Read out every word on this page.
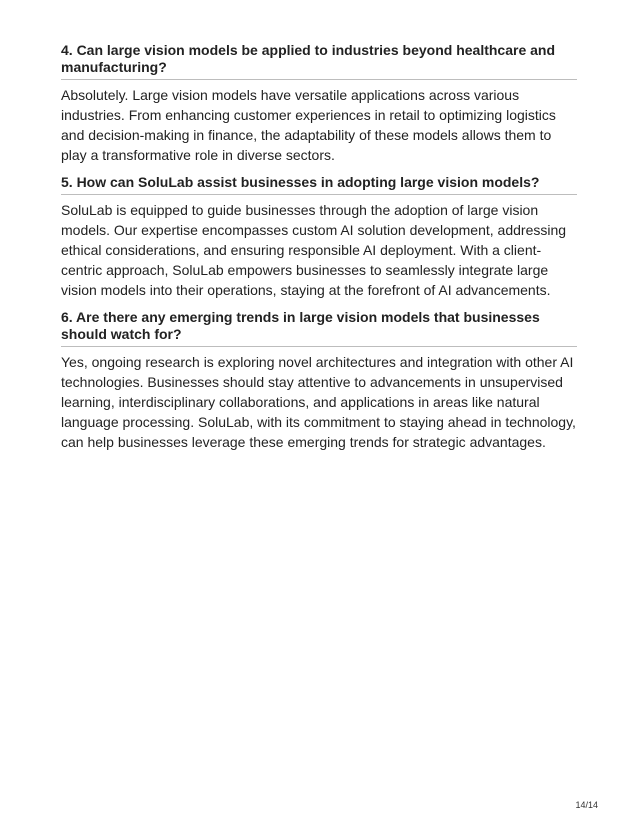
4. Can large vision models be applied to industries beyond healthcare and manufacturing?

Absolutely. Large vision models have versatile applications across various industries. From enhancing customer experiences in retail to optimizing logistics and decision-making in finance, the adaptability of these models allows them to play a transformative role in diverse sectors.

5. How can SoluLab assist businesses in adopting large vision models?

SoluLab is equipped to guide businesses through the adoption of large vision models. Our expertise encompasses custom AI solution development, addressing ethical considerations, and ensuring responsible AI deployment. With a client-centric approach, SoluLab empowers businesses to seamlessly integrate large vision models into their operations, staying at the forefront of AI advancements.

6. Are there any emerging trends in large vision models that businesses should watch for?

Yes, ongoing research is exploring novel architectures and integration with other AI technologies. Businesses should stay attentive to advancements in unsupervised learning, interdisciplinary collaborations, and applications in areas like natural language processing. SoluLab, with its commitment to staying ahead in technology, can help businesses leverage these emerging trends for strategic advantages.

14/14
